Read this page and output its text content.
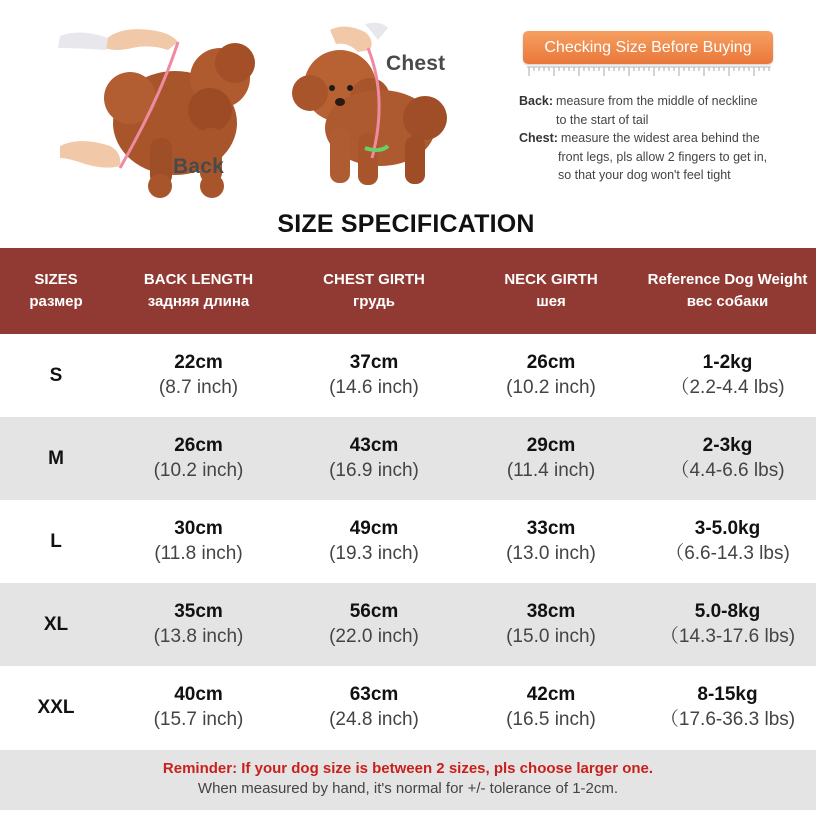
Back
Chest
Checking Size Before Buying
Back: measure from the middle of neckline
to the start of tail
Chest: measure the widest area behind the
front legs, pls allow 2 fingers to get in,
so that your dog won't feel tight
SIZE SPECIFICATION
SIZES
размер
BACK LENGTH
задняя длина
CHEST GIRTH
грудь
NECK GIRTH
шея
Reference Dog Weight
вес собаки
S
22cm
(8.7 inch)
37cm
(14.6 inch)
26cm
(10.2 inch)
1-2kg
（2.2-4.4 lbs)
M
26cm
(10.2 inch)
43cm
(16.9 inch)
29cm
(11.4 inch)
2-3kg
（4.4-6.6 lbs)
L
30cm
(11.8 inch)
49cm
(19.3 inch)
33cm
(13.0 inch)
3-5.0kg
（6.6-14.3 lbs)
XL
35cm
(13.8 inch)
56cm
(22.0 inch)
38cm
(15.0 inch)
5.0-8kg
（14.3-17.6 lbs)
XXL
40cm
(15.7 inch)
63cm
(24.8 inch)
42cm
(16.5 inch)
8-15kg
（17.6-36.3 lbs)
Reminder: If your dog size is between 2 sizes, pls choose larger one.
When measured by hand, it's normal for +/- tolerance of 1-2cm.
